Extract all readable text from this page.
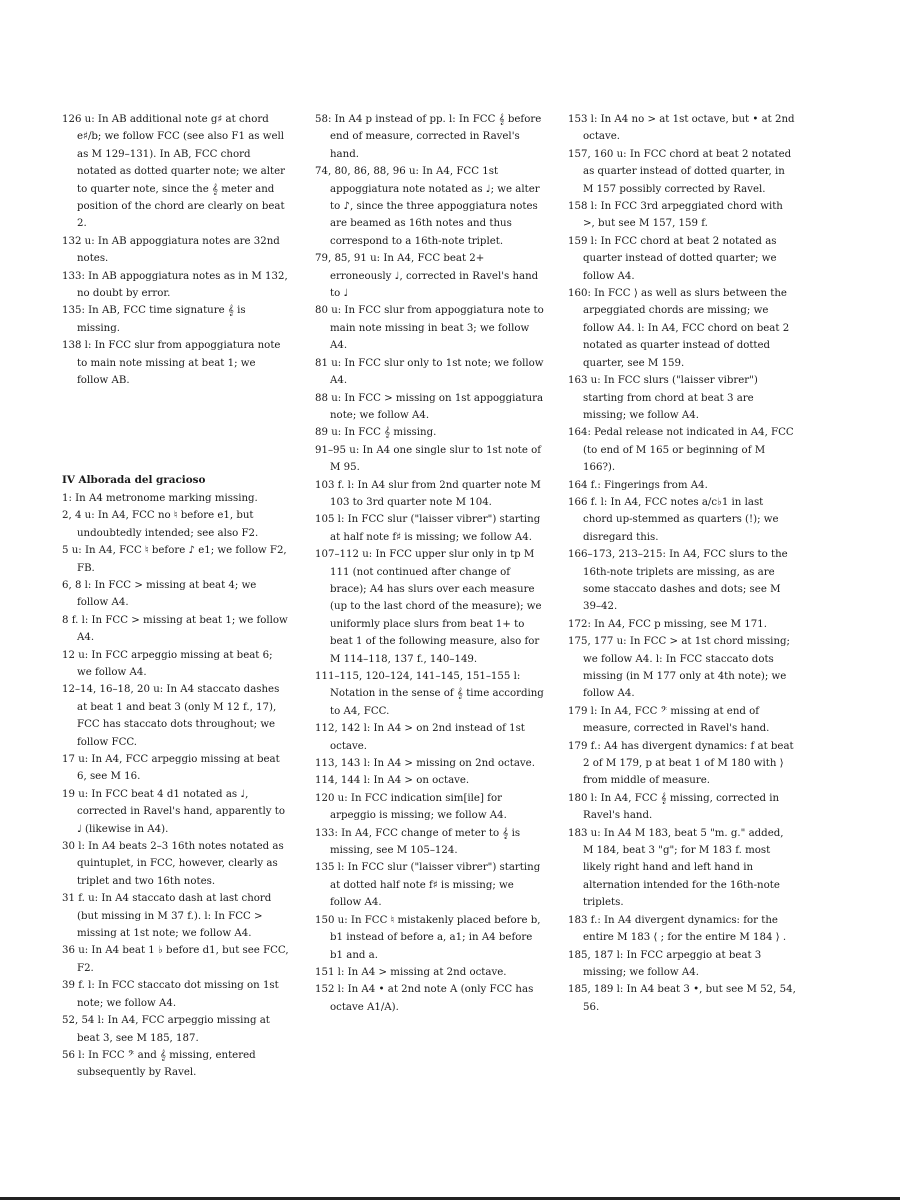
126 u: In AB additional note g♯ at chord e♯/b; we follow FCC (see also F1 as well as M 129–131). In AB, FCC chord notated as dotted quarter note; we alter to quarter note, since the 𝄞 meter and position of the chord are clearly on beat 2.
132 u: In AB appoggiatura notes are 32nd notes.
133: In AB appoggiatura notes as in M 132, no doubt by error.
135: In AB, FCC time signature 𝄞 is missing.
138 l: In FCC slur from appoggiatura note to main note missing at beat 1; we follow AB.
IV Alborada del gracioso
1: In A4 metronome marking missing.
2, 4 u: In A4, FCC no ♮ before e1, but undoubtedly intended; see also F2.
5 u: In A4, FCC ♮ before ♪ e1; we follow F2, FB.
6, 8 l: In FCC > missing at beat 4; we follow A4.
8 f. l: In FCC > missing at beat 1; we follow A4.
12 u: In FCC arpeggio missing at beat 6; we follow A4.
12–14, 16–18, 20 u: In A4 staccato dashes at beat 1 and beat 3 (only M 12 f., 17), FCC has staccato dots throughout; we follow FCC.
17 u: In A4, FCC arpeggio missing at beat 6, see M 16.
19 u: In FCC beat 4 d1 notated as ♩, corrected in Ravel's hand, apparently to ♩ (likewise in A4).
30 l: In A4 beats 2–3 16th notes notated as quintuplet, in FCC, however, clearly as triplet and two 16th notes.
31 f. u: In A4 staccato dash at last chord (but missing in M 37 f.). l: In FCC > missing at 1st note; we follow A4.
36 u: In A4 beat 1 ♭ before d1, but see FCC, F2.
39 f. l: In FCC staccato dot missing on 1st note; we follow A4.
52, 54 l: In A4, FCC arpeggio missing at beat 3, see M 185, 187.
56 l: In FCC 𝄢 and 𝄞 missing, entered subsequently by Ravel.
58: In A4 p instead of pp. l: In FCC 𝄞 before end of measure, corrected in Ravel's hand.
74, 80, 86, 88, 96 u: In A4, FCC 1st appoggiatura note notated as ♩; we alter to ♪, since the three appoggiatura notes are beamed as 16th notes and thus correspond to a 16th-note triplet.
79, 85, 91 u: In A4, FCC beat 2+ erroneously ♩, corrected in Ravel's hand to ♩
80 u: In FCC slur from appoggiatura note to main note missing in beat 3; we follow A4.
81 u: In FCC slur only to 1st note; we follow A4.
88 u: In FCC > missing on 1st appoggiatura note; we follow A4.
89 u: In FCC 𝄞 missing.
91–95 u: In A4 one single slur to 1st note of M 95.
103 f. l: In A4 slur from 2nd quarter note M 103 to 3rd quarter note M 104.
105 l: In FCC slur ("laisser vibrer") starting at half note f♯ is missing; we follow A4.
107–112 u: In FCC upper slur only in tp M 111 (not continued after change of brace); A4 has slurs over each measure (up to the last chord of the measure); we uniformly place slurs from beat 1+ to beat 1 of the following measure, also for M 114–118, 137 f., 140–149.
111–115, 120–124, 141–145, 151–155 l: Notation in the sense of 𝄞 time according to A4, FCC.
112, 142 l: In A4 > on 2nd instead of 1st octave.
113, 143 l: In A4 > missing on 2nd octave.
114, 144 l: In A4 > on octave.
120 u: In FCC indication sim[ile] for arpeggio is missing; we follow A4.
133: In A4, FCC change of meter to 𝄞 is missing, see M 105–124.
135 l: In FCC slur ("laisser vibrer") starting at dotted half note f♯ is missing; we follow A4.
150 u: In FCC ♮ mistakenly placed before b, b1 instead of before a, a1; in A4 before b1 and a.
151 l: In A4 > missing at 2nd octave.
152 l: In A4 • at 2nd note A (only FCC has octave A1/A).
153 l: In A4 no > at 1st octave, but • at 2nd octave.
157, 160 u: In FCC chord at beat 2 notated as quarter instead of dotted quarter, in M 157 possibly corrected by Ravel.
158 l: In FCC 3rd arpeggiated chord with >, but see M 157, 159 f.
159 l: In FCC chord at beat 2 notated as quarter instead of dotted quarter; we follow A4.
160: In FCC ⟩ as well as slurs between the arpeggiated chords are missing; we follow A4. l: In A4, FCC chord on beat 2 notated as quarter instead of dotted quarter, see M 159.
163 u: In FCC slurs ("laisser vibrer") starting from chord at beat 3 are missing; we follow A4.
164: Pedal release not indicated in A4, FCC (to end of M 165 or beginning of M 166?).
164 f.: Fingerings from A4.
166 f. l: In A4, FCC notes a/c♭1 in last chord up-stemmed as quarters (!); we disregard this.
166–173, 213–215: In A4, FCC slurs to the 16th-note triplets are missing, as are some staccato dashes and dots; see M 39–42.
172: In A4, FCC p missing, see M 171.
175, 177 u: In FCC > at 1st chord missing; we follow A4. l: In FCC staccato dots missing (in M 177 only at 4th note); we follow A4.
179 l: In A4, FCC 𝄢 missing at end of measure, corrected in Ravel's hand.
179 f.: A4 has divergent dynamics: f at beat 2 of M 179, p at beat 1 of M 180 with ⟩ from middle of measure.
180 l: In A4, FCC 𝄞 missing, corrected in Ravel's hand.
183 u: In A4 M 183, beat 5 "m. g." added, M 184, beat 3 "g"; for M 183 f. most likely right hand and left hand in alternation intended for the 16th-note triplets.
183 f.: In A4 divergent dynamics: for the entire M 183 ⟨ ; for the entire M 184 ⟩ .
185, 187 l: In FCC arpeggio at beat 3 missing; we follow A4.
185, 189 l: In A4 beat 3 •, but see M 52, 54, 56.
